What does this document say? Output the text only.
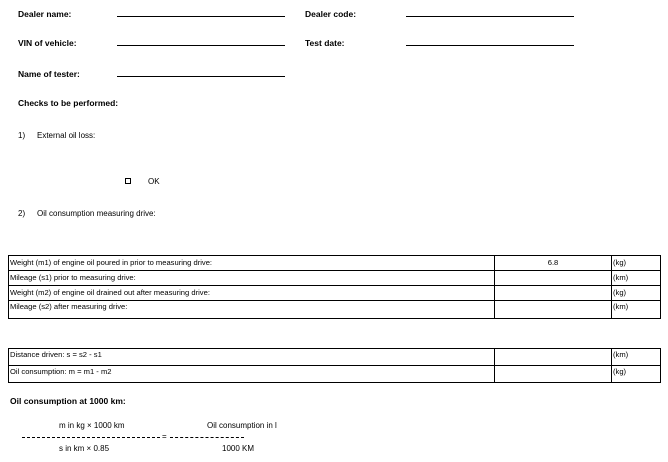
Dealer name:	Dealer code:
VIN of vehicle:	Test date:
Name of tester:
Checks to be performed:
1) External oil loss:
OK
2) Oil consumption measuring drive:
Weight (m1) of engine oil poured in prior to measuring drive:	6.8	(kg)
Mileage (s1) prior to measuring drive:		(km)
Weight (m2) of engine oil drained out after measuring drive:		(kg)
Mileage (s2) after measuring drive:		(km)
Distance driven: s = s2 - s1		(km)
Oil consumption: m = m1 - m2		(kg)
Oil consumption at 1000 km:
m in kg × 1000 km	Oil consumption in l
=
s in km × 0.85	1000 KM
